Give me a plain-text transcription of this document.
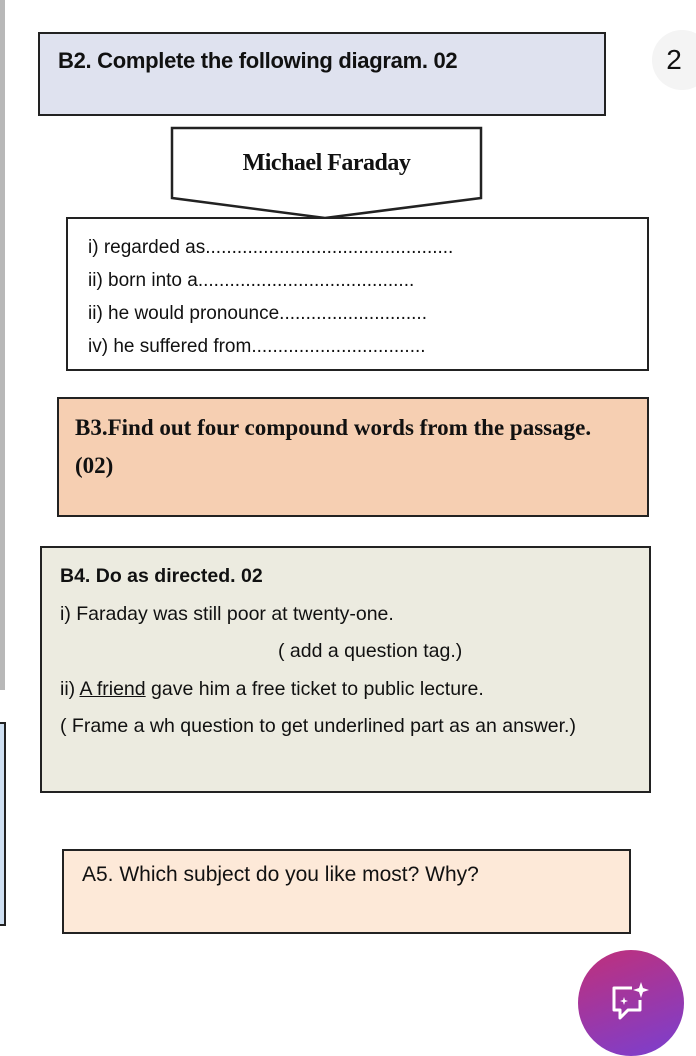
B2. Complete the following diagram. 02	2
Michael Faraday
i) regarded as...............................................
ii) born into a.........................................
ii) he would pronounce............................
iv) he suffered from.................................
B3.Find out four compound words from the passage. (02)
B4. Do as directed. 02
i) Faraday was still poor at twenty-one.
( add a question tag.)
ii) A friend gave him a free ticket to public lecture.
( Frame a wh question to get underlined part as an answer.)
A5. Which subject do you like most? Why?
